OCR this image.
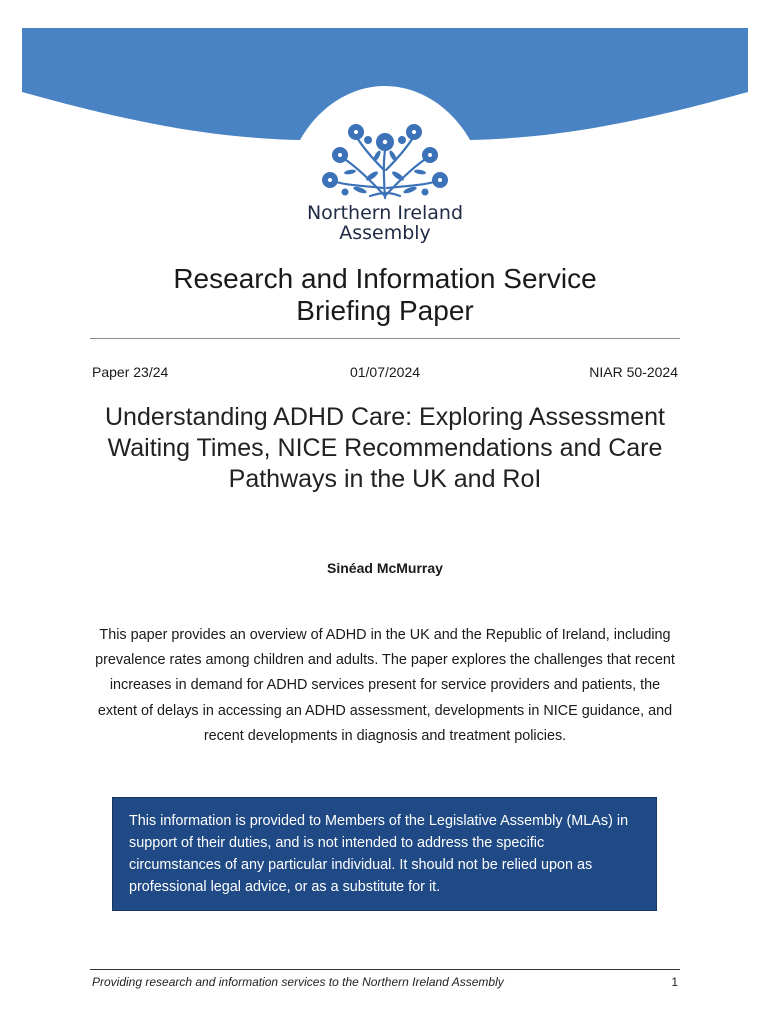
Northern Ireland
Assembly
Research and Information Service
Briefing Paper
Paper 23/24	01/07/2024	NIAR 50-2024
Understanding ADHD Care: Exploring Assessment Waiting Times, NICE Recommendations and Care Pathways in the UK and RoI
Sinéad McMurray
This paper provides an overview of ADHD in the UK and the Republic of Ireland, including prevalence rates among children and adults. The paper explores the challenges that recent increases in demand for ADHD services present for service providers and patients, the extent of delays in accessing an ADHD assessment, developments in NICE guidance, and recent developments in diagnosis and treatment policies.
This information is provided to Members of the Legislative Assembly (MLAs) in support of their duties, and is not intended to address the specific circumstances of any particular individual. It should not be relied upon as professional legal advice, or as a substitute for it.
Providing research and information services to the Northern Ireland Assembly	1
